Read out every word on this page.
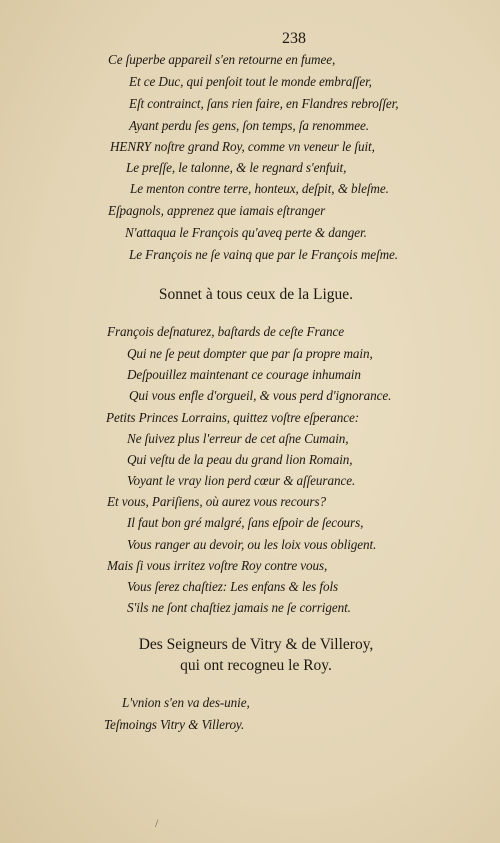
238
Ce ſuperbe appareil s'en retourne en fumee,
Et ce Duc, qui penſoit tout le monde embraſſer,
Eſt contrainct, ſans rien faire, en Flandres rebroſſer,
Ayant perdu ſes gens, ſon temps, ſa renommee.
HENRY noſtre grand Roy, comme vn veneur le ſuit,
Le preſſe, le talonne, & le regnard s'enfuit,
Le menton contre terre, honteux, deſpit, & bleſme.
Eſpagnols, apprenez que iamais eſtranger
N'attaqua le François qu'aveq perte & danger.
Le François ne ſe vainq que par le François meſme.
Sonnet à tous ceux de la Ligue.
François deſnaturez, baſtards de ceſte France
Qui ne ſe peut dompter que par ſa propre main,
Deſpouillez maintenant ce courage inhumain
Qui vous enfle d'orgueil, & vous perd d'ignorance.
Petits Princes Lorrains, quittez voſtre eſperance:
Ne ſuivez plus l'erreur de cet aſne Cumain,
Qui veſtu de la peau du grand lion Romain,
Voyant le vray lion perd cœur & aſſeurance.
Et vous, Pariſiens, où aurez vous recours?
Il faut bon gré malgré, ſans eſpoir de ſecours,
Vous ranger au devoir, ou les loix vous obligent.
Mais ſi vous irritez voſtre Roy contre vous,
Vous ſerez chaſtiez: Les enfans & les fols
S'ils ne ſont chaſtiez jamais ne ſe corrigent.
Des Seigneurs de Vitry & de Villeroy,
qui ont recogneu le Roy.
L'vnion s'en va des-unie,
Teſmoings Vitry & Villeroy.
/
